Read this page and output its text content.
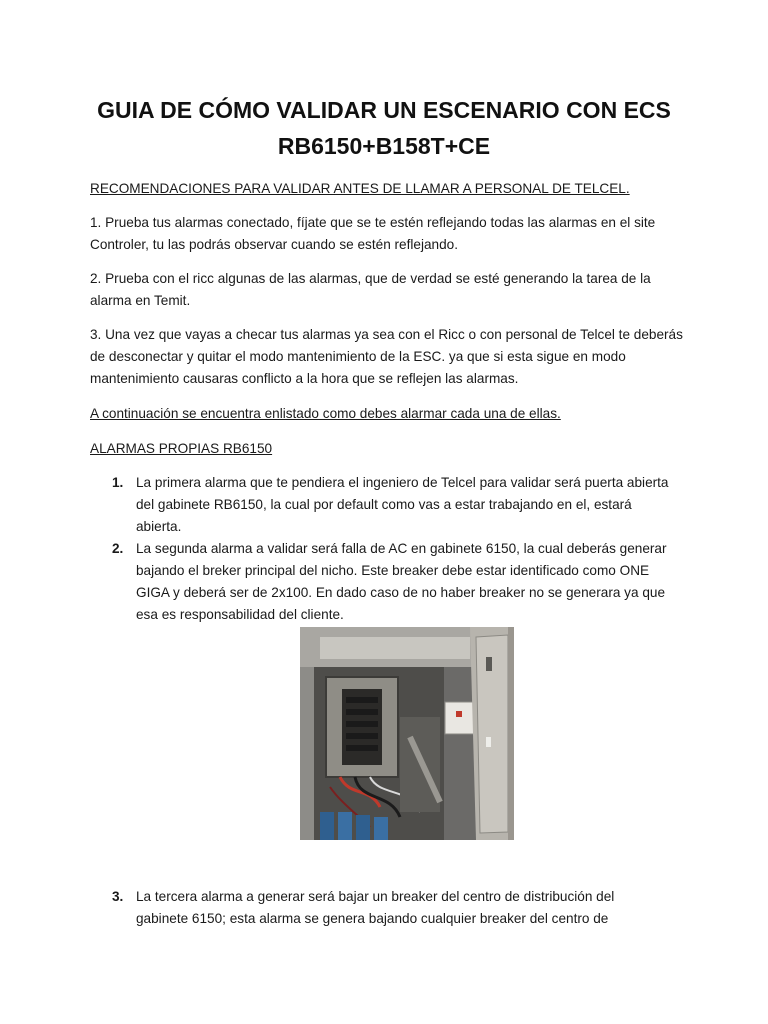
GUIA DE CÓMO VALIDAR UN ESCENARIO CON ECS
RB6150+B158T+CE
RECOMENDACIONES PARA VALIDAR ANTES DE LLAMAR A PERSONAL DE TELCEL.
1. Prueba tus alarmas conectado, fíjate que se te estén reflejando todas las alarmas en el site
Controler, tu las podrás observar cuando se estén reflejando.
2. Prueba con el ricc algunas de las alarmas, que de verdad se esté generando la tarea de la
alarma en Temit.
3. Una vez que vayas a checar tus alarmas ya sea con el Ricc o con personal de Telcel te deberás
de desconectar y quitar el modo mantenimiento de la ESC. ya que si esta sigue en modo
mantenimiento causaras conflicto a la hora que se reflejen las alarmas.
A continuación se encuentra enlistado como debes alarmar cada una de ellas.
ALARMAS PROPIAS RB6150
1. La primera alarma que te pendiera el ingeniero de Telcel para validar será puerta abierta
del gabinete RB6150, la cual por default como vas a estar trabajando en el, estará
abierta.
2. La segunda alarma a validar será falla de AC en gabinete 6150, la cual deberás generar
bajando el breker principal del nicho. Este breaker debe estar identificado como ONE
GIGA y deberá ser de 2x100. En dado caso de no haber breaker no se generara ya que
esa es responsabilidad del cliente.
3. La tercera alarma a generar será bajar un breaker del centro de distribución del
gabinete 6150; esta alarma se genera bajando cualquier breaker del centro de
